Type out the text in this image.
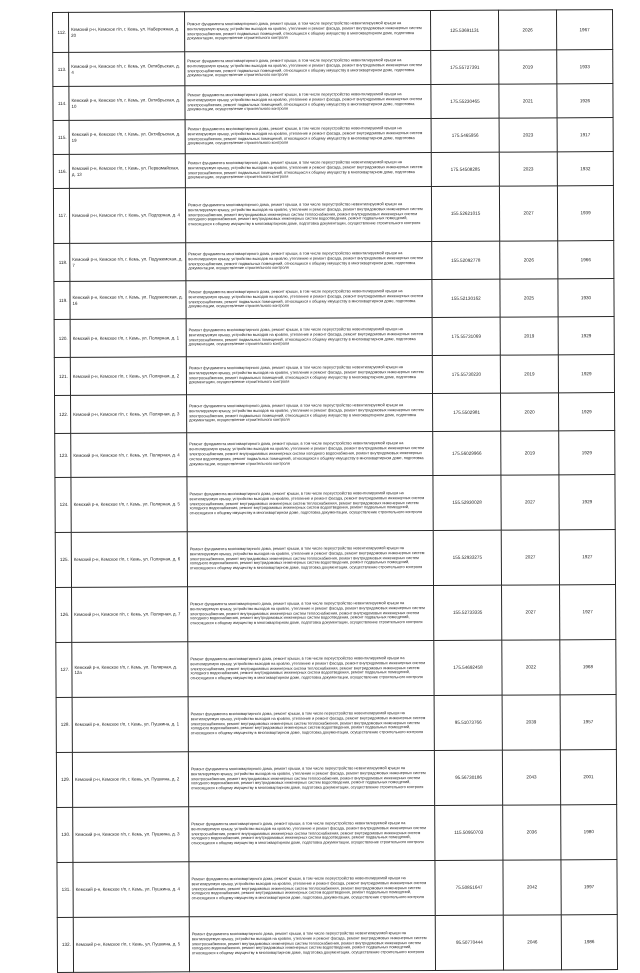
112.	Кемский р-н, Кемское г/п, г. Кемь, ул. Набережная, д. 20	Ремонт фундамента многоквартирного дома, ремонт крыши, в том числе переустройство невентилируемой крыши на вентилируемую крышу, устройство выходов на кровлю, утепление и ремонт фасада, ремонт внутридомовых инженерных систем электроснабжения, ремонт подвальных помещений, относящихся к общему имуществу в многоквартирном доме, подготовка документации, осуществление строительного контроля	125.53691131	2026	1967
113.	Кемский р-н, Кемское г/п, г. Кемь, ул. Октябрьская, д. 4	Ремонт фундамента многоквартирного дома, ремонт крыши, в том числе переустройство невентилируемой крыши на вентилируемую крышу, устройство выходов на кровлю, утепление и ремонт фасада, ремонт внутридомовых инженерных систем электроснабжения, ремонт подвальных помещений, относящихся к общему имуществу в многоквартирном доме, подготовка документации, осуществление строительного контроля	175.55727391	2019	1933
114.	Кемский р-н, Кемское г/п, г. Кемь, ул. Октябрьская, д. 10	Ремонт фундамента многоквартирного дома, ремонт крыши, в том числе переустройство невентилируемой крыши на вентилируемую крышу, устройство выходов на кровлю, утепление и ремонт фасада, ремонт внутридомовых инженерных систем электроснабжения, ремонт подвальных помещений, относящихся к общему имуществу в многоквартирном доме, подготовка документации, осуществление строительного контроля	175.55230465	2021	1926
115.	Кемский р-н, Кемское г/п, г. Кемь, ул. Октябрьская, д. 19	Ремонт фундамента многоквартирного дома, ремонт крыши, в том числе переустройство невентилируемой крыши на вентилируемую крышу, устройство выходов на кровлю, утепление и ремонт фасада, ремонт внутридомовых инженерных систем электроснабжения, ремонт подвальных помещений, относящихся к общему имуществу в многоквартирном доме, подготовка документации, осуществление строительного контроля	175.5465956	2023	1917
116.	Кемский р-н, Кемское г/п, г. Кемь, ул. Первомайская, д. 13	Ремонт фундамента многоквартирного дома, ремонт крыши, в том числе переустройство невентилируемой крыши на вентилируемую крышу, устройство выходов на кровлю, утепление и ремонт фасада, ремонт внутридомовых инженерных систем электроснабжения, ремонт подвальных помещений, относящихся к общему имуществу в многоквартирном доме, подготовка документации, осуществление строительного контроля	175.54508285	2023	1932
117.	Кемский р-н, Кемское г/п, г. Кемь, ул. Подгорная, д. 4	Ремонт фундамента многоквартирного дома, ремонт крыши, в том числе переустройство невентилируемой крыши на вентилируемую крышу, устройство выходов на кровлю, утепление и ремонт фасада, ремонт внутридомовых инженерных систем электроснабжения, ремонт внутридомовых инженерных систем теплоснабжения, ремонт внутридомовых инженерных систем холодного водоснабжения, ремонт внутридомовых инженерных систем водоотведения, ремонт подвальных помещений, относящихся к общему имуществу в многоквартирном доме, подготовка документации, осуществление строительного контроля	155.52621015	2027	1939
118.	Кемский р-н, Кемское г/п, г. Кемь, ул. Подужемская, д. 7	Ремонт фундамента многоквартирного дома, ремонт крыши, в том числе переустройство невентилируемой крыши на вентилируемую крышу, устройство выходов на кровлю, утепление и ремонт фасада, ремонт внутридомовых инженерных систем электроснабжения, ремонт подвальных помещений, относящихся к общему имуществу в многоквартирном доме, подготовка документации, осуществление строительного контроля	155.52092778	2026	1966
119.	Кемский р-н, Кемское г/п, г. Кемь, ул. Подужемская, д. 16	Ремонт фундамента многоквартирного дома, ремонт крыши, в том числе переустройство невентилируемой крыши на вентилируемую крышу, устройство выходов на кровлю, утепление и ремонт фасада, ремонт внутридомовых инженерных систем электроснабжения, ремонт подвальных помещений, относящихся к общему имуществу в многоквартирном доме, подготовка документации, осуществление строительного контроля	155.52130162	2025	1930
120.	Кемский р-н, Кемское г/п, г. Кемь, ул. Полярная, д. 1	Ремонт фундамента многоквартирного дома, ремонт крыши, в том числе переустройство невентилируемой крыши на вентилируемую крышу, устройство выходов на кровлю, утепление и ремонт фасада, ремонт внутридомовых инженерных систем электроснабжения, ремонт подвальных помещений, относящихся к общему имуществу в многоквартирном доме, подготовка документации, осуществление строительного контроля	175.55731069	2019	1929
121.	Кемский р-н, Кемское г/п, г. Кемь, ул. Полярная, д. 2	Ремонт фундамента многоквартирного дома, ремонт крыши, в том числе переустройство невентилируемой крыши на вентилируемую крышу, устройство выходов на кровлю, утепление и ремонт фасада, ремонт внутридомовых инженерных систем электроснабжения, ремонт подвальных помещений, относящихся к общему имуществу в многоквартирном доме, подготовка документации, осуществление строительного контроля	175.55730220	2019	1929
122.	Кемский р-н, Кемское г/п, г. Кемь, ул. Полярная, д. 3	Ремонт фундамента многоквартирного дома, ремонт крыши, в том числе переустройство невентилируемой крыши на вентилируемую крышу, устройство выходов на кровлю, утепление и ремонт фасада, ремонт внутридомовых инженерных систем электроснабжения, ремонт подвальных помещений, относящихся к общему имуществу в многоквартирном доме, подготовка документации, осуществление строительного контроля	175.5502981	2020	1929
123.	Кемский р-н, Кемское г/п, г. Кемь, ул. Полярная, д. 4	Ремонт фундамента многоквартирного дома, ремонт крыши, в том числе переустройство невентилируемой крыши на вентилируемую крышу, устройство выходов на кровлю, утепление и ремонт фасада, ремонт внутридомовых инженерных систем электроснабжения, ремонт внутридомовых инженерных систем холодного водоснабжения, ремонт внутридомовых инженерных систем водоотведения, ремонт подвальных помещений, относящихся к общему имуществу в многоквартирном доме, подготовка документации, осуществление строительного контроля	175.56029966	2019	1929
124.	Кемский р-н, Кемское г/п, г. Кемь, ул. Полярная, д. 5	Ремонт фундамента многоквартирного дома, ремонт крыши, в том числе переустройство невентилируемой крыши на вентилируемую крышу, устройство выходов на кровлю, утепление и ремонт фасада, ремонт внутридомовых инженерных систем электроснабжения, ремонт внутридомовых инженерных систем теплоснабжения, ремонт внутридомовых инженерных систем холодного водоснабжения, ремонт внутридомовых инженерных систем водоотведения, ремонт подвальных помещений, относящихся к общему имуществу в многоквартирном доме, подготовка документации, осуществление строительного контроля	155.52930028	2027	1929
125.	Кемский р-н, Кемское г/п, г. Кемь, ул. Полярная, д. 6	Ремонт фундамента многоквартирного дома, ремонт крыши, в том числе переустройство невентилируемой крыши на вентилируемую крышу, устройство выходов на кровлю, утепление и ремонт фасада, ремонт внутридомовых инженерных систем электроснабжения, ремонт внутридомовых инженерных систем теплоснабжения, ремонт внутридомовых инженерных систем холодного водоснабжения, ремонт внутридомовых инженерных систем водоотведения, ремонт подвальных помещений, относящихся к общему имуществу в многоквартирном доме, подготовка документации, осуществление строительного контроля	155.52933275	2027	1927
126.	Кемский р-н, Кемское г/п, г. Кемь, ул. Полярная, д. 7	Ремонт фундамента многоквартирного дома, ремонт крыши, в том числе переустройство невентилируемой крыши на вентилируемую крышу, устройство выходов на кровлю, утепление и ремонт фасада, ремонт внутридомовых инженерных систем электроснабжения, ремонт внутридомовых инженерных систем теплоснабжения, ремонт внутридомовых инженерных систем холодного водоснабжения, ремонт внутридомовых инженерных систем водоотведения, ремонт подвальных помещений, относящихся к общему имуществу в многоквартирном доме, подготовка документации, осуществление строительного контроля	155.52733335	2027	1927
127.	Кемский р-н, Кемское г/п, г. Кемь, ул. Полярная, д. 12а	Ремонт фундамента многоквартирного дома, ремонт крыши, в том числе переустройство невентилируемой крыши на вентилируемую крышу, устройство выходов на кровлю, утепление и ремонт фасада, ремонт внутридомовых инженерных систем электроснабжения, ремонт внутридомовых инженерных систем теплоснабжения, ремонт внутридомовых инженерных систем холодного водоснабжения, ремонт внутридомовых инженерных систем водоотведения, ремонт подвальных помещений, относящихся к общему имуществу в многоквартирном доме, подготовка документации, осуществление строительного контроля	175.54692458	2022	1968
128.	Кемский р-н, Кемское г/п, г. Кемь, ул. Пушкина, д. 1	Ремонт фундамента многоквартирного дома, ремонт крыши, в том числе переустройство невентилируемой крыши на вентилируемую крышу, устройство выходов на кровлю, утепление и ремонт фасада, ремонт внутридомовых инженерных систем электроснабжения, ремонт внутридомовых инженерных систем теплоснабжения, ремонт внутридомовых инженерных систем холодного водоснабжения, ремонт внутридомовых инженерных систем водоотведения, ремонт подвальных помещений, относящихся к общему имуществу в многоквартирном доме, подготовка документации, осуществление строительного контроля	95.51073766	2039	1957
129.	Кемский р-н, Кемское г/п, г. Кемь, ул. Пушкина, д. 2	Ремонт фундамента многоквартирного дома, ремонт крыши, в том числе переустройство невентилируемой крыши на вентилируемую крышу, устройство выходов на кровлю, утепление и ремонт фасада, ремонт внутридомовых инженерных систем электроснабжения, ремонт внутридомовых инженерных систем теплоснабжения, ремонт внутридомовых инженерных систем холодного водоснабжения, ремонт внутридомовых инженерных систем водоотведения, ремонт подвальных помещений, относящихся к общему имуществу в многоквартирном доме, подготовка документации, осуществление строительного контроля	95.56730186	2043	2001
130.	Кемский р-н, Кемское г/п, г. Кемь, ул. Пушкина, д. 3	Ремонт фундамента многоквартирного дома, ремонт крыши, в том числе переустройство невентилируемой крыши на вентилируемую крышу, устройство выходов на кровлю, утепление и ремонт фасада, ремонт внутридомовых инженерных систем электроснабжения, ремонт внутридомовых инженерных систем теплоснабжения, ремонт внутридомовых инженерных систем холодного водоснабжения, ремонт внутридомовых инженерных систем водоотведения, ремонт подвальных помещений, относящихся к общему имуществу в многоквартирном доме, подготовка документации, осуществление строительного контроля	115.50950703	2036	1980
131.	Кемский р-н, Кемское г/п, г. Кемь, ул. Пушкина, д. 4	Ремонт фундамента многоквартирного дома, ремонт крыши, в том числе переустройство невентилируемой крыши на вентилируемую крышу, устройство выходов на кровлю, утепление и ремонт фасада, ремонт внутридомовых инженерных систем электроснабжения, ремонт внутридомовых инженерных систем теплоснабжения, ремонт внутридомовых инженерных систем холодного водоснабжения, ремонт внутридомовых инженерных систем водоотведения, ремонт подвальных помещений, относящихся к общему имуществу в многоквартирном доме, подготовка документации, осуществление строительного контроля	75.50851647	2042	1997
132.	Кемский р-н, Кемское г/п, г. Кемь, ул. Пушкина, д. 5	Ремонт фундамента многоквартирного дома, ремонт крыши, в том числе переустройство невентилируемой крыши на вентилируемую крышу, устройство выходов на кровлю, утепление и ремонт фасада, ремонт внутридомовых инженерных систем электроснабжения, ремонт внутридомовых инженерных систем теплоснабжения, ремонт внутридомовых инженерных систем холодного водоснабжения, ремонт внутридомовых инженерных систем водоотведения, ремонт подвальных помещений, относящихся к общему имуществу в многоквартирном доме, подготовка документации, осуществление строительного контроля	95.50770444	2046	1986
